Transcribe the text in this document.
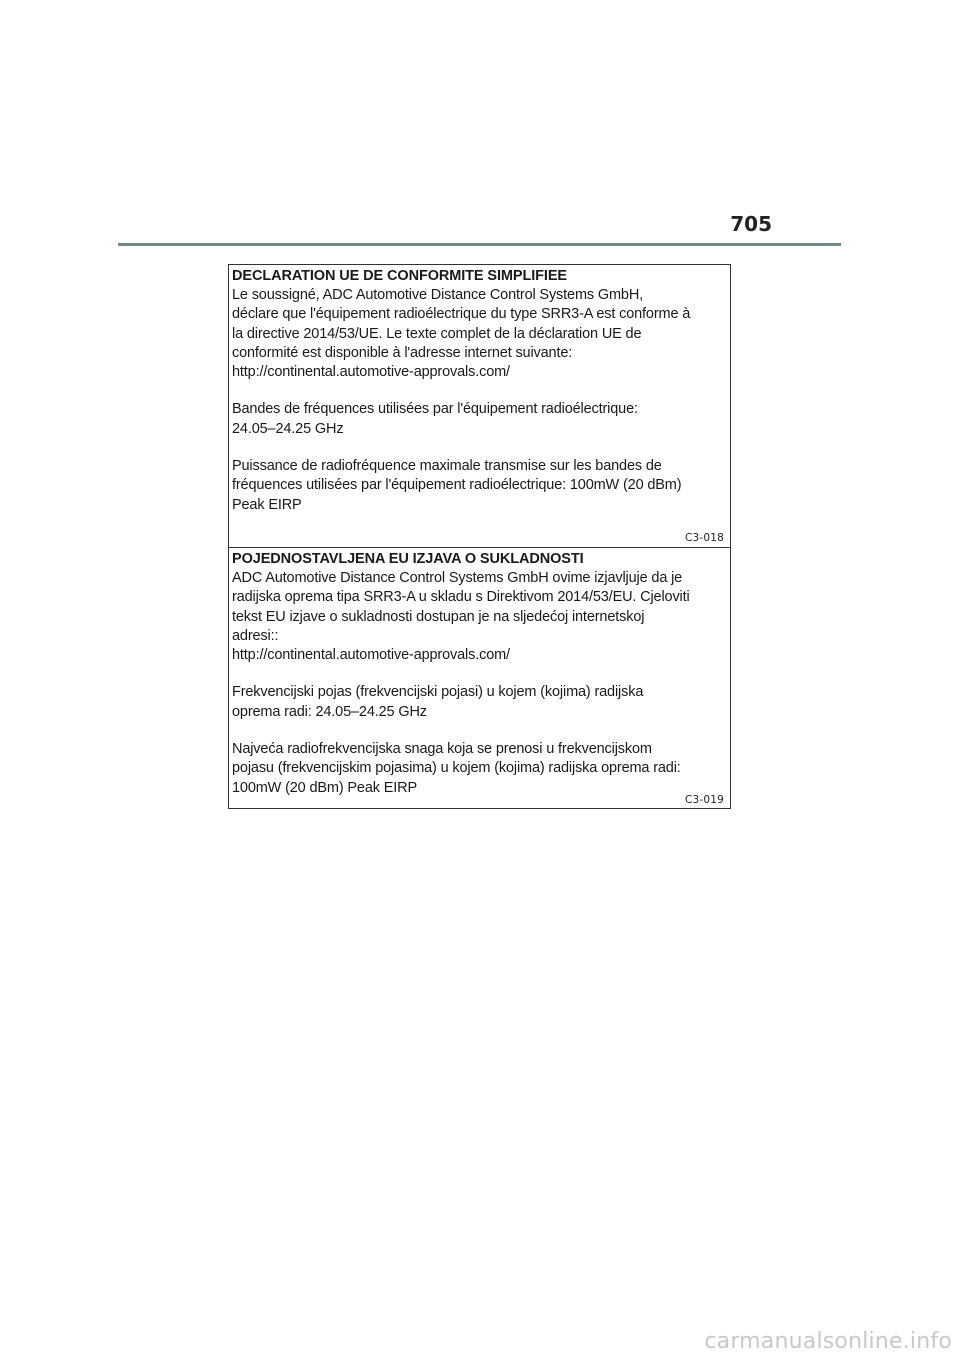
705
DECLARATION UE DE CONFORMITE SIMPLIFIEE

Le soussigné, ADC Automotive Distance Control Systems GmbH,
déclare que l'équipement radioélectrique du type SRR3-A est conforme à
la directive 2014/53/UE. Le texte complet de la déclaration UE de
conformité est disponible à l'adresse internet suivante:
http://continental.automotive-approvals.com/

Bandes de fréquences utilisées par l'équipement radioélectrique:
24.05–24.25 GHz

Puissance de radiofréquence maximale transmise sur les bandes de
fréquences utilisées par l'équipement radioélectrique: 100mW (20 dBm)
Peak EIRP

C3-018
POJEDNOSTAVLJENA EU IZJAVA O SUKLADNOSTI

ADC Automotive Distance Control Systems GmbH ovime izjavljuje da je
radijska oprema tipa SRR3-A u skladu s Direktivom 2014/53/EU. Cjeloviti
tekst EU izjave o sukladnosti dostupan je na sljedećoj internetskoj
adresi::
http://continental.automotive-approvals.com/

Frekvencijski pojas (frekvencijski pojasi) u kojem (kojima) radijska
oprema radi: 24.05–24.25 GHz

Najveća radiofrekvencijska snaga koja se prenosi u frekvencijskom
pojasu (frekvencijskim pojasima) u kojem (kojima) radijska oprema radi:
100mW (20 dBm) Peak EIRP

C3-019
carmanualsonline.info
